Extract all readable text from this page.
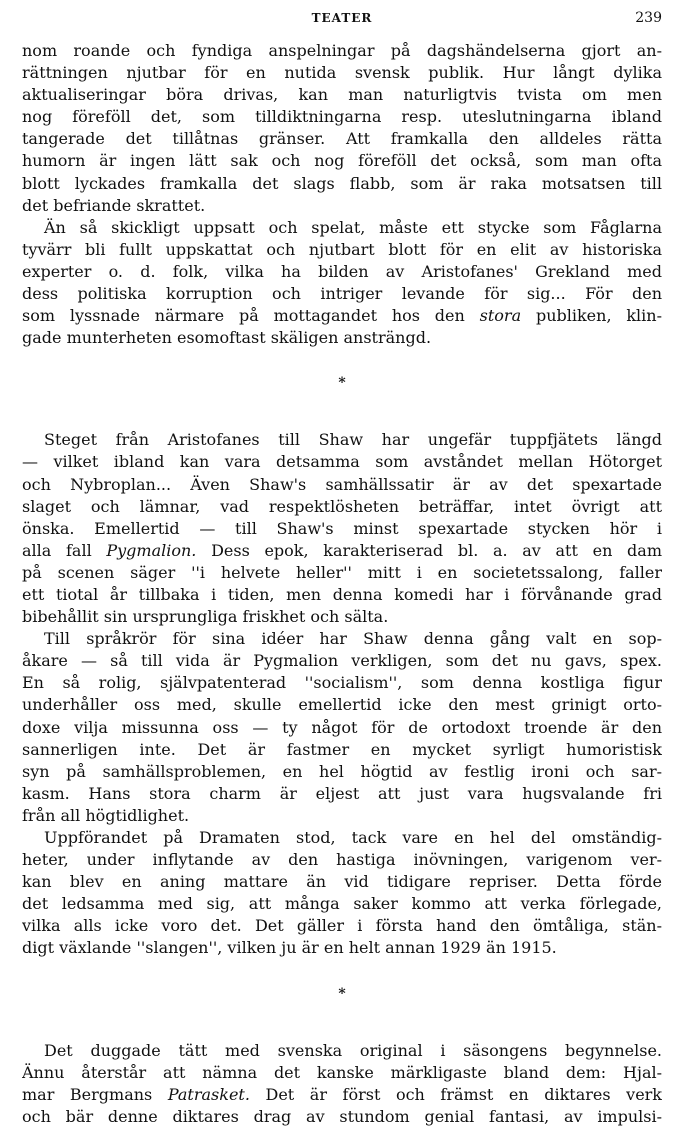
TEATER	239

nom roande och fyndiga anspelningar på dagshändelserna gjort an-
rättningen njutbar för en nutida svensk publik. Hur långt dylika
aktualiseringar böra drivas, kan man naturligtvis tvista om men
nog föreföll det, som tilldiktningarna resp. uteslutningarna ibland
tangerade det tillåtnas gränser. Att framkalla den alldeles rätta
humorn är ingen lätt sak och nog föreföll det också, som man ofta
blott lyckades framkalla det slags flabb, som är raka motsatsen till
det befriande skrattet.

Än så skickligt uppsatt och spelat, måste ett stycke som Fåglarna
tyvärr bli fullt uppskattat och njutbart blott för en elit av historiska
experter o. d. folk, vilka ha bilden av Aristofanes' Grekland med
dess politiska korruption och intriger levande för sig... För den
som lyssnade närmare på mottagandet hos den stora publiken, klin-
gade munterheten esomoftast skäligen ansträngd.

*

Steget från Aristofanes till Shaw har ungefär tuppfjätets längd
— vilket ibland kan vara detsamma som avståndet mellan Hötorget
och Nybroplan... Även Shaw's samhällssatir är av det spexartade
slaget och lämnar, vad respektlösheten beträffar, intet övrigt att
önska. Emellertid — till Shaw's minst spexartade stycken hör i
alla fall Pygmalion. Dess epok, karakteriserad bl. a. av att en dam
på scenen säger ''i helvete heller'' mitt i en societetssalong, faller
ett tiotal år tillbaka i tiden, men denna komedi har i förvånande grad
bibehållit sin ursprungliga friskhet och sälta.

Till språkrör för sina idéer har Shaw denna gång valt en sop-
åkare — så till vida är Pygmalion verkligen, som det nu gavs, spex.
En så rolig, självpatenterad ''socialism'', som denna kostliga figur
underhåller oss med, skulle emellertid icke den mest grinigt orto-
doxe vilja missunna oss — ty något för de ortodoxt troende är den
sannerligen inte. Det är fastmer en mycket syrligt humoristisk
syn på samhällsproblemen, en hel högtid av festlig ironi och sar-
kasm. Hans stora charm är eljest att just vara hugsvalande fri
från all högtidlighet.

Uppförandet på Dramaten stod, tack vare en hel del omständig-
heter, under inflytande av den hastiga inövningen, varigenom ver-
kan blev en aning mattare än vid tidigare repriser. Detta förde
det ledsamma med sig, att många saker kommo att verka förlegade,
vilka alls icke voro det. Det gäller i första hand den ömtåliga, stän-
digt växlande ''slangen'', vilken ju är en helt annan 1929 än 1915.

*

Det duggade tätt med svenska original i säsongens begynnelse.
Ännu återstår att nämna det kanske märkligaste bland dem: Hjal-
mar Bergmans Patrasket. Det är först och främst en diktares verk
och bär denne diktares drag av stundom genial fantasi, av impulsi-
